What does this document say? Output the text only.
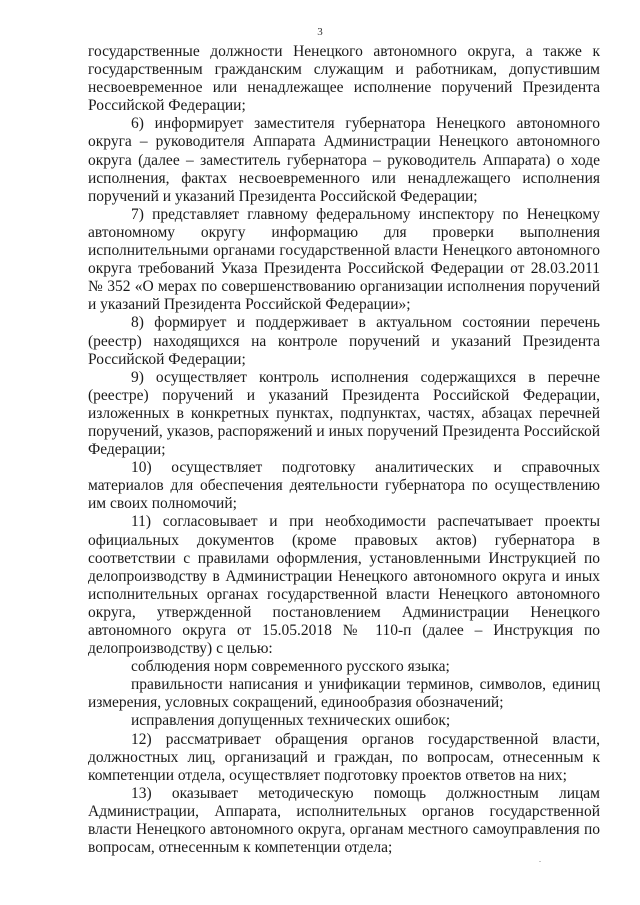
3

государственные должности Ненецкого автономного округа, а также к государственным гражданским служащим и работникам, допустившим несвоевременное или ненадлежащее исполнение поручений Президента Российской Федерации;

6) информирует заместителя губернатора Ненецкого автономного округа – руководителя Аппарата Администрации Ненецкого автономного округа (далее – заместитель губернатора – руководитель Аппарата) о ходе исполнения, фактах несвоевременного или ненадлежащего исполнения поручений и указаний Президента Российской Федерации;

7) представляет главному федеральному инспектору по Ненецкому автономному округу информацию для проверки выполнения исполнительными органами государственной власти Ненецкого автономного округа требований Указа Президента Российской Федерации от 28.03.2011 № 352 «О мерах по совершенствованию организации исполнения поручений и указаний Президента Российской Федерации»;

8) формирует и поддерживает в актуальном состоянии перечень (реестр) находящихся на контроле поручений и указаний Президента Российской Федерации;

9) осуществляет контроль исполнения содержащихся в перечне (реестре) поручений и указаний Президента Российской Федерации, изложенных в конкретных пунктах, подпунктах, частях, абзацах перечней поручений, указов, распоряжений и иных поручений Президента Российской Федерации;

10) осуществляет подготовку аналитических и справочных материалов для обеспечения деятельности губернатора по осуществлению им своих полномочий;

11) согласовывает и при необходимости распечатывает проекты официальных документов (кроме правовых актов) губернатора в соответствии с правилами оформления, установленными Инструкцией по делопроизводству в Администрации Ненецкого автономного округа и иных исполнительных органах государственной власти Ненецкого автономного округа, утвержденной постановлением Администрации Ненецкого автономного округа от 15.05.2018 № 110-п (далее – Инструкция по делопроизводству) с целью:

соблюдения норм современного русского языка;

правильности написания и унификации терминов, символов, единиц измерения, условных сокращений, единообразия обозначений;

исправления допущенных технических ошибок;

12) рассматривает обращения органов государственной власти, должностных лиц, организаций и граждан, по вопросам, отнесенным к компетенции отдела, осуществляет подготовку проектов ответов на них;

13) оказывает методическую помощь должностным лицам Администрации, Аппарата, исполнительных органов государственной власти Ненецкого автономного округа, органам местного самоуправления по вопросам, отнесенным к компетенции отдела;
